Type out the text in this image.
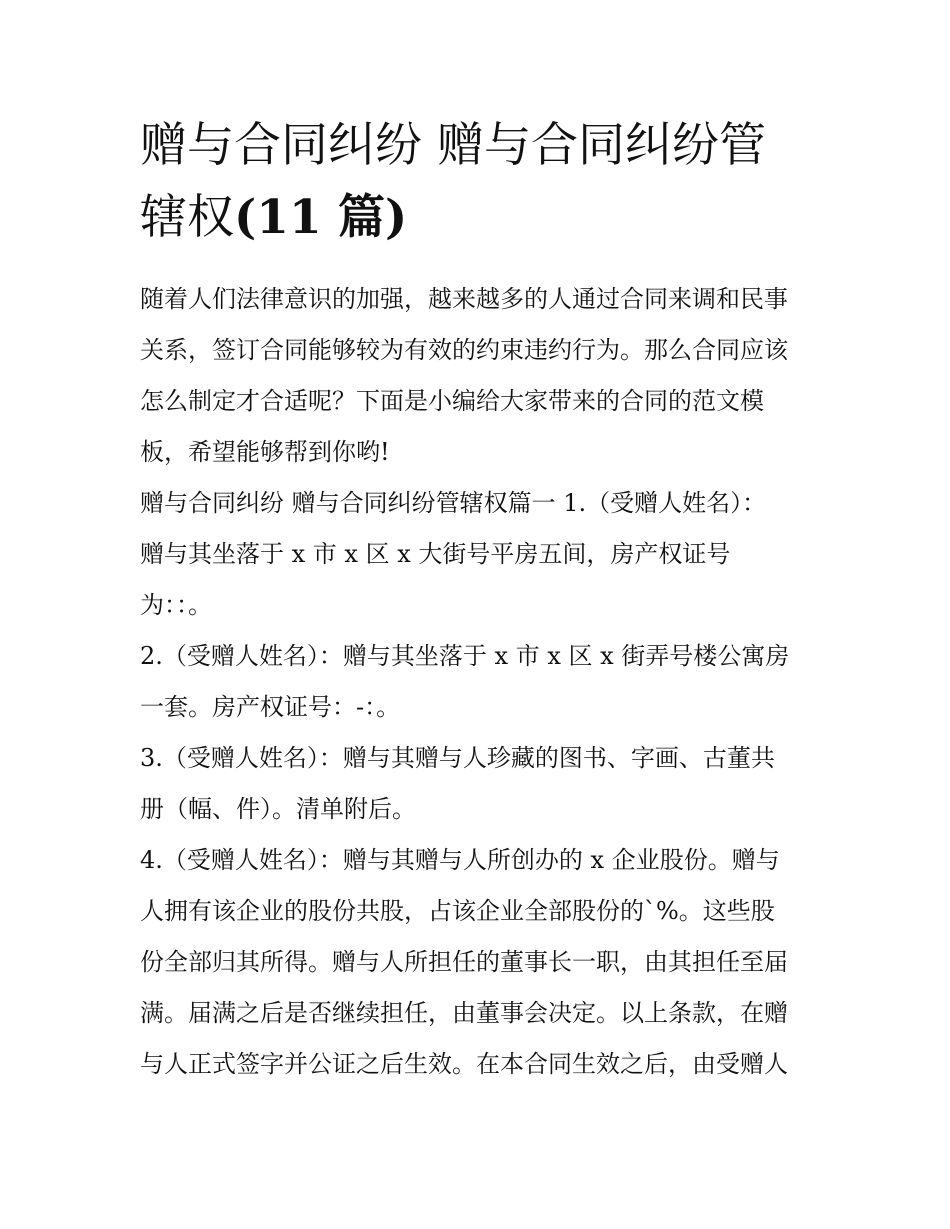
赠与合同纠纷 赠与合同纠纷管
辖权(11 篇)

随着人们法律意识的加强，越来越多的人通过合同来调和民事

关系，签订合同能够较为有效的约束违约行为。那么合同应该

怎么制定才合适呢？下面是小编给大家带来的合同的范文模

板，希望能够帮到你哟!

赠与合同纠纷 赠与合同纠纷管辖权篇一 1.（受赠人姓名）：

赠与其坐落于 x 市 x 区 x 大街号平房五间，房产权证号

为：：。

2.（受赠人姓名）：赠与其坐落于 x 市 x 区 x 街弄号楼公寓房

一套。房产权证号：-：。

3.（受赠人姓名）：赠与其赠与人珍藏的图书、字画、古董共

册（幅、件）。清单附后。

4.（受赠人姓名）：赠与其赠与人所创办的 x 企业股份。赠与

人拥有该企业的股份共股，占该企业全部股份的`%。这些股

份全部归其所得。赠与人所担任的董事长一职，由其担任至届

满。届满之后是否继续担任，由董事会决定。以上条款，在赠

与人正式签字并公证之后生效。在本合同生效之后，由受赠人
